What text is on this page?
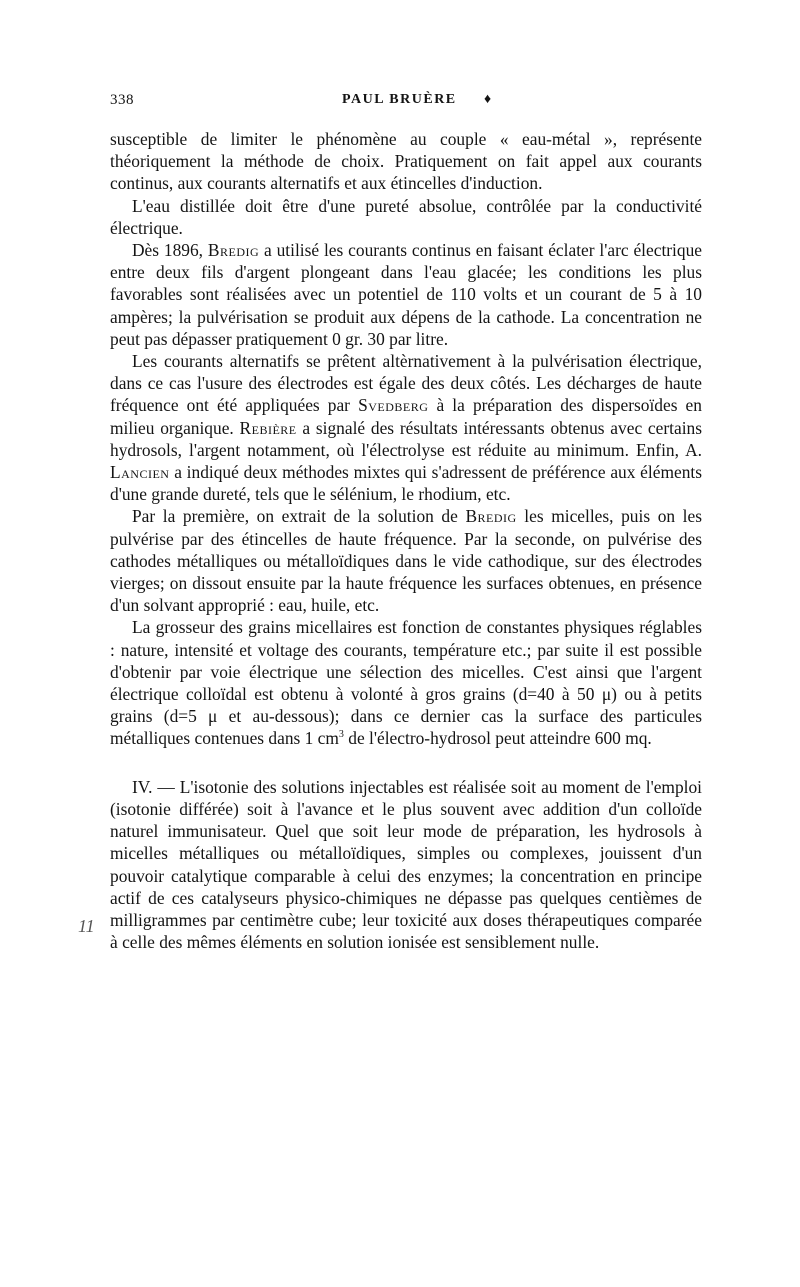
338	PAUL BRUÈRE ♦
11

susceptible de limiter le phénomène au couple « eau-métal », représente théoriquement la méthode de choix. Pratiquement on fait appel aux courants continus, aux courants alternatifs et aux étincelles d'induction.

L'eau distillée doit être d'une pureté absolue, contrôlée par la conductivité électrique.

Dès 1896, Bredig a utilisé les courants continus en faisant éclater l'arc électrique entre deux fils d'argent plongeant dans l'eau glacée; les conditions les plus favorables sont réalisées avec un potentiel de 110 volts et un courant de 5 à 10 ampères; la pulvérisation se produit aux dépens de la cathode. La concentration ne peut pas dépasser pratiquement 0 gr. 30 par litre.

Les courants alternatifs se prêtent altèrnativement à la pulvérisation électrique, dans ce cas l'usure des électrodes est égale des deux côtés. Les décharges de haute fréquence ont été appliquées par Svedberg à la préparation des dispersoïdes en milieu organique. Rebière a signalé des résultats intéressants obtenus avec certains hydrosols, l'argent notamment, où l'électrolyse est réduite au minimum. Enfin, A. Lancien a indiqué deux méthodes mixtes qui s'adressent de préférence aux éléments d'une grande dureté, tels que le sélénium, le rhodium, etc.

Par la première, on extrait de la solution de Bredig les micelles, puis on les pulvérise par des étincelles de haute fréquence. Par la seconde, on pulvérise des cathodes métalliques ou métalloïdiques dans le vide cathodique, sur des électrodes vierges; on dissout ensuite par la haute fréquence les surfaces obtenues, en présence d'un solvant approprié : eau, huile, etc.

La grosseur des grains micellaires est fonction de constantes physiques réglables : nature, intensité et voltage des courants, température etc.; par suite il est possible d'obtenir par voie électrique une sélection des micelles. C'est ainsi que l'argent électrique colloïdal est obtenu à volonté à gros grains (d=40 à 50 μ) ou à petits grains (d=5 μ et au-dessous); dans ce dernier cas la surface des particules métalliques contenues dans 1 $cm^3$ de l'électro-hydrosol peut atteindre 600 mq.

IV. — L'isotonie des solutions injectables est réalisée soit au moment de l'emploi (isotonie différée) soit à l'avance et le plus souvent avec addition d'un colloïde naturel immunisateur. Quel que soit leur mode de préparation, les hydrosols à micelles métalliques ou métalloïdiques, simples ou complexes, jouissent d'un pouvoir catalytique comparable à celui des enzymes; la concentration en principe actif de ces catalyseurs physico-chimiques ne dépasse pas quelques centièmes de milligrammes par centimètre cube; leur toxicité aux doses thérapeutiques comparée à celle des mêmes éléments en solution ionisée est sensiblement nulle.
